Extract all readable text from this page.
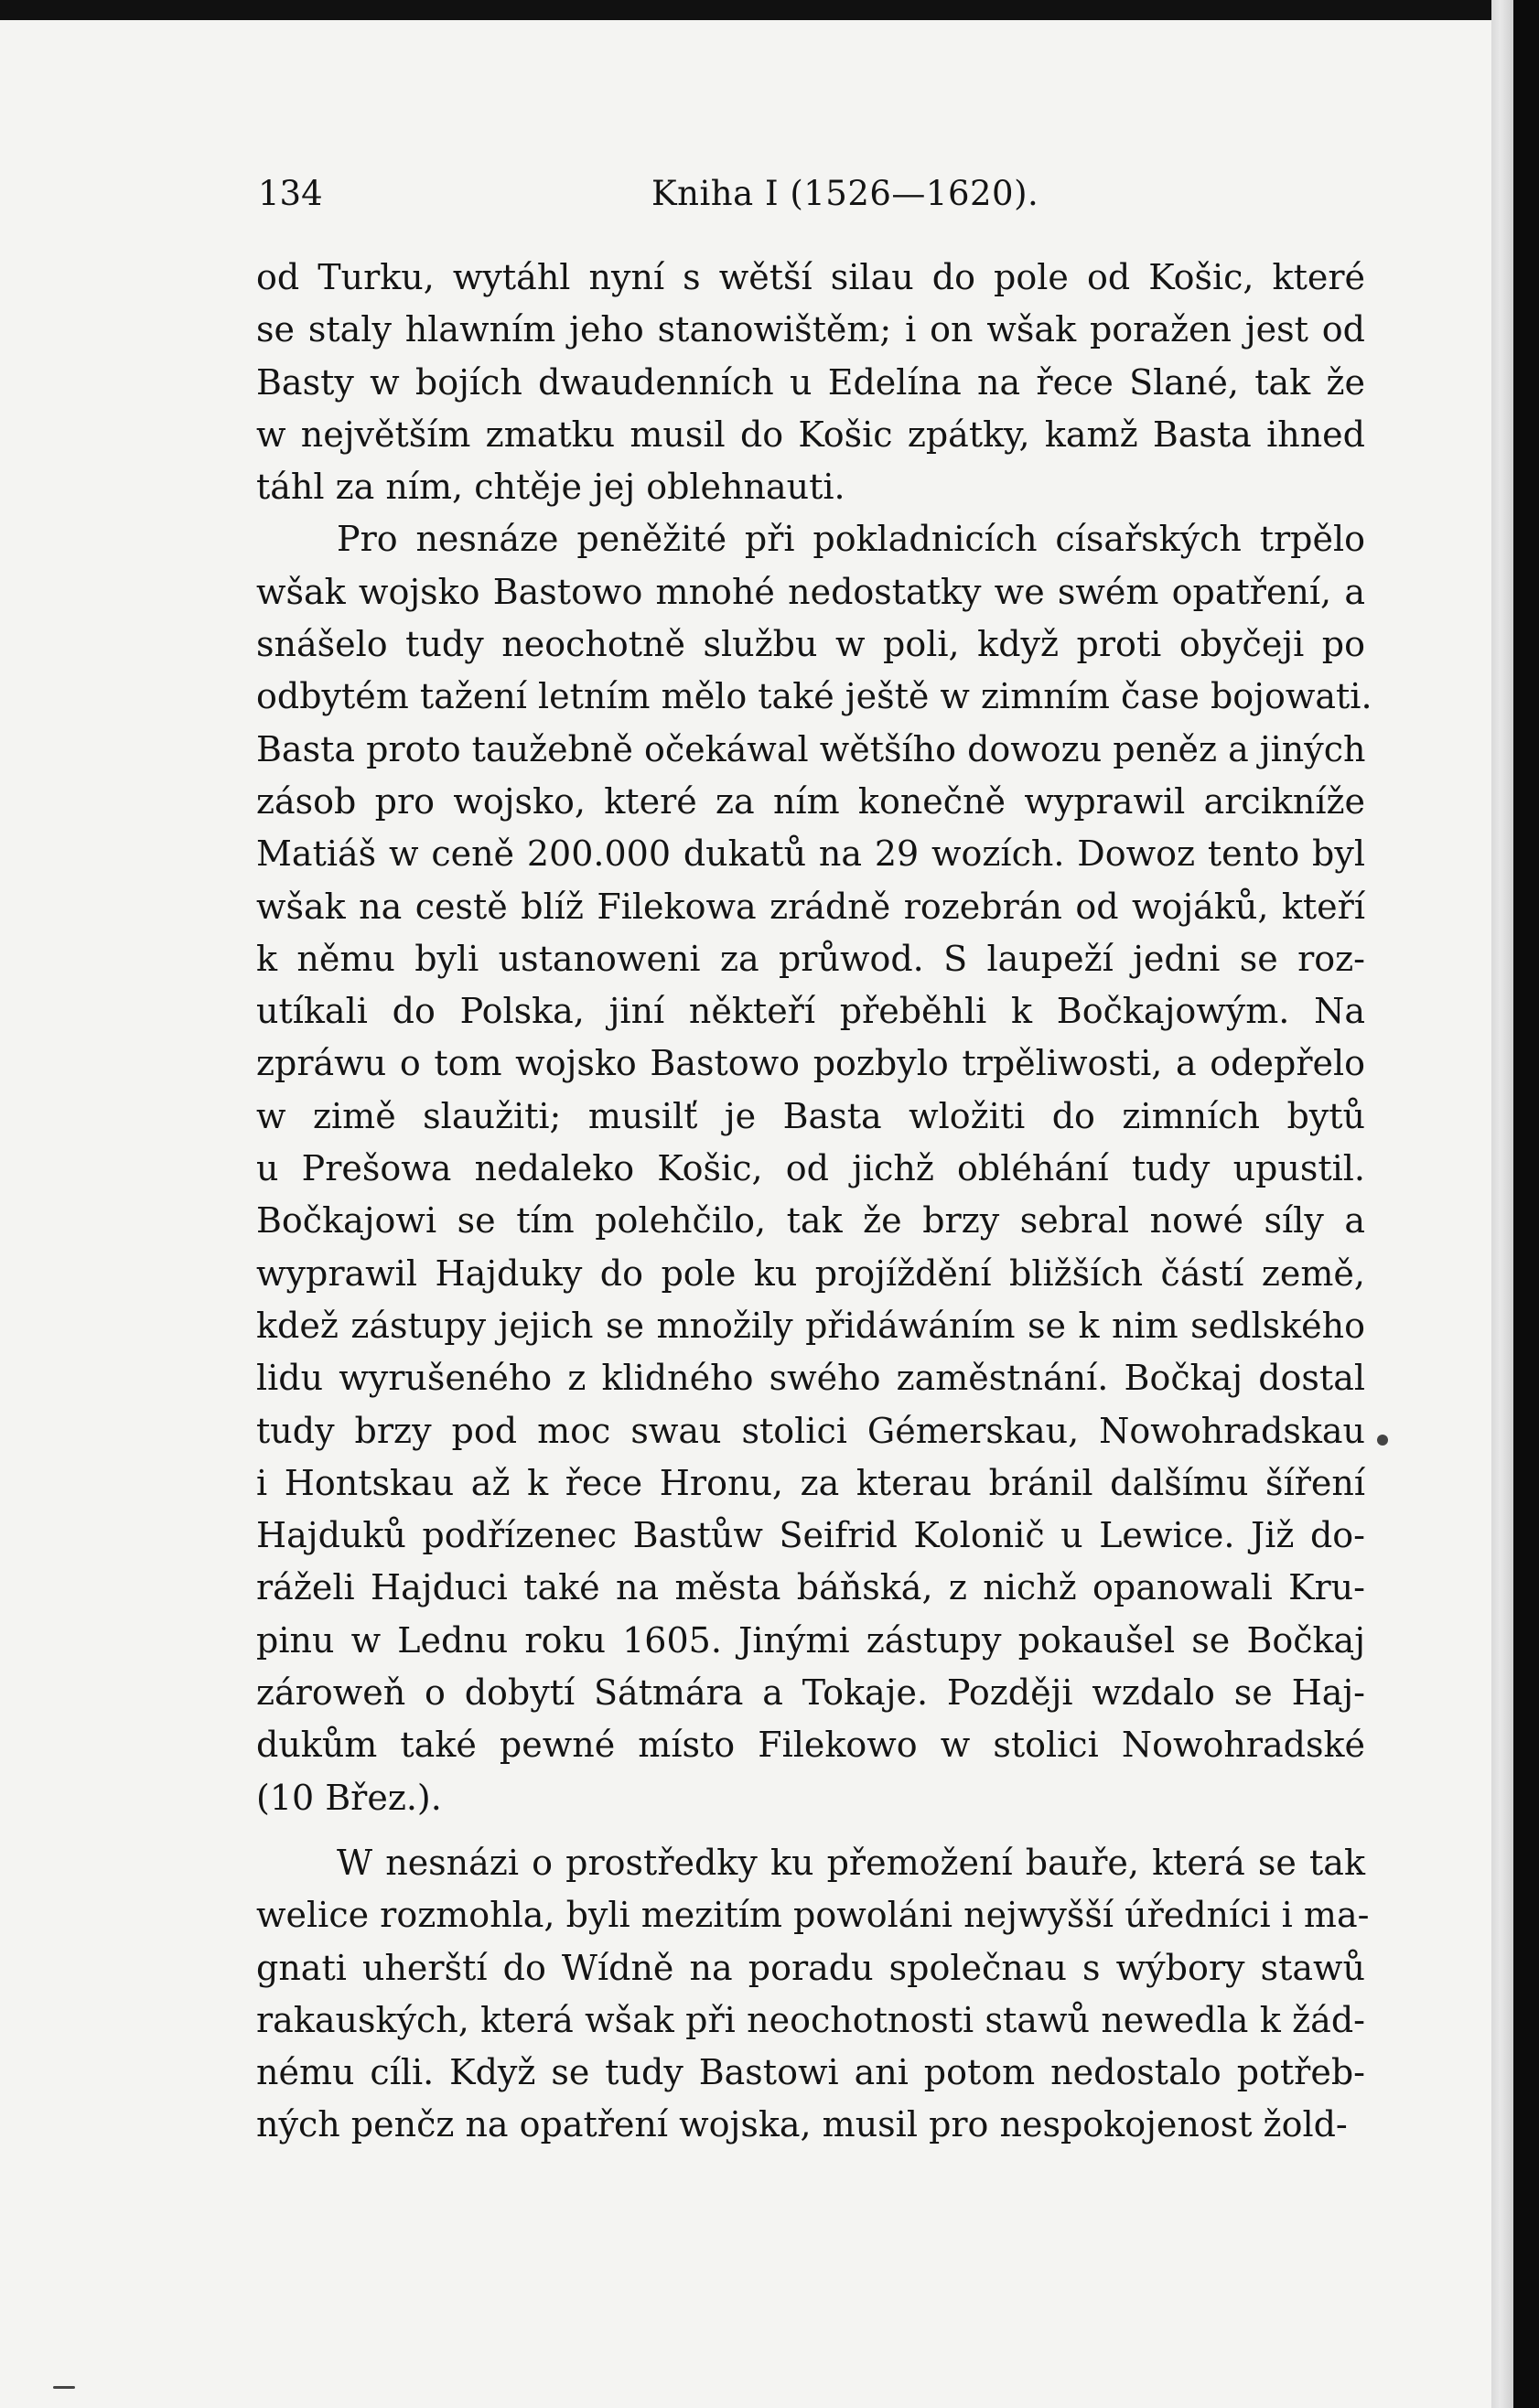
134	Kniha I (1526—1620).
od Turku, wytáhl nyní s wětší silau do pole od Košic, které
se staly hlawním jeho stanowištěm; i on wšak poražen jest od
Basty w bojích dwaudenních u Edelína na řece Slané, tak že
w největším zmatku musil do Košic zpátky, kamž Basta ihned
táhl za ním, chtěje jej oblehnauti.
Pro nesnáze peněžité při pokladnicích císařských trpělo
wšak wojsko Bastowo mnohé nedostatky we swém opatření, a
snášelo tudy neochotně službu w poli, když proti obyčeji po
odbytém tažení letním mělo také ještě w zimním čase bojowati.
Basta proto taužebně očekáwal wětšího dowozu peněz a jiných
zásob pro wojsko, které za ním konečně wyprawil arcikníže
Matiáš w ceně 200.000 dukatů na 29 wozích. Dowoz tento byl
wšak na cestě blíž Filekowa zrádně rozebrán od wojáků, kteří
k němu byli ustanoweni za průwod. S laupeží jedni se roz-
utíkali do Polska, jiní někteří přeběhli k Bočkajowým. Na
zpráwu o tom wojsko Bastowo pozbylo trpěliwosti, a odepřelo
w zimě slaužiti; musilť je Basta wložiti do zimních bytů
u Prešowa nedaleko Košic, od jichž obléhání tudy upustil.
Bočkajowi se tím polehčilo, tak že brzy sebral nowé síly a
wyprawil Hajduky do pole ku projíždění bližších částí země,
kdež zástupy jejich se množily přidáwáním se k nim sedlského
lidu wyrušeného z klidného swého zaměstnání. Bočkaj dostal
tudy brzy pod moc swau stolici Gémerskau, Nowohradskau
i Hontskau až k řece Hronu, za kterau bránil dalšímu šíření
Hajduků podřízenec Bastůw Seifrid Kolonič u Lewice. Již do-
ráželi Hajduci také na města báňská, z nichž opanowali Kru-
pinu w Lednu roku 1605. Jinými zástupy pokaušel se Bočkaj
zároweň o dobytí Sátmára a Tokaje. Později wzdalo se Haj-
dukům také pewné místo Filekowo w stolici Nowohradské
(10 Břez.).
W nesnázi o prostředky ku přemožení bauře, která se tak
welice rozmohla, byli mezitím powoláni nejwyšší úředníci i ma-
gnati uherští do Wídně na poradu společnau s wýbory stawů
rakauských, která wšak při neochotnosti stawů newedla k žád-
nému cíli. Když se tudy Bastowi ani potom nedostalo potřeb-
ných penčz na opatření wojska, musil pro nespokojenost žold-
